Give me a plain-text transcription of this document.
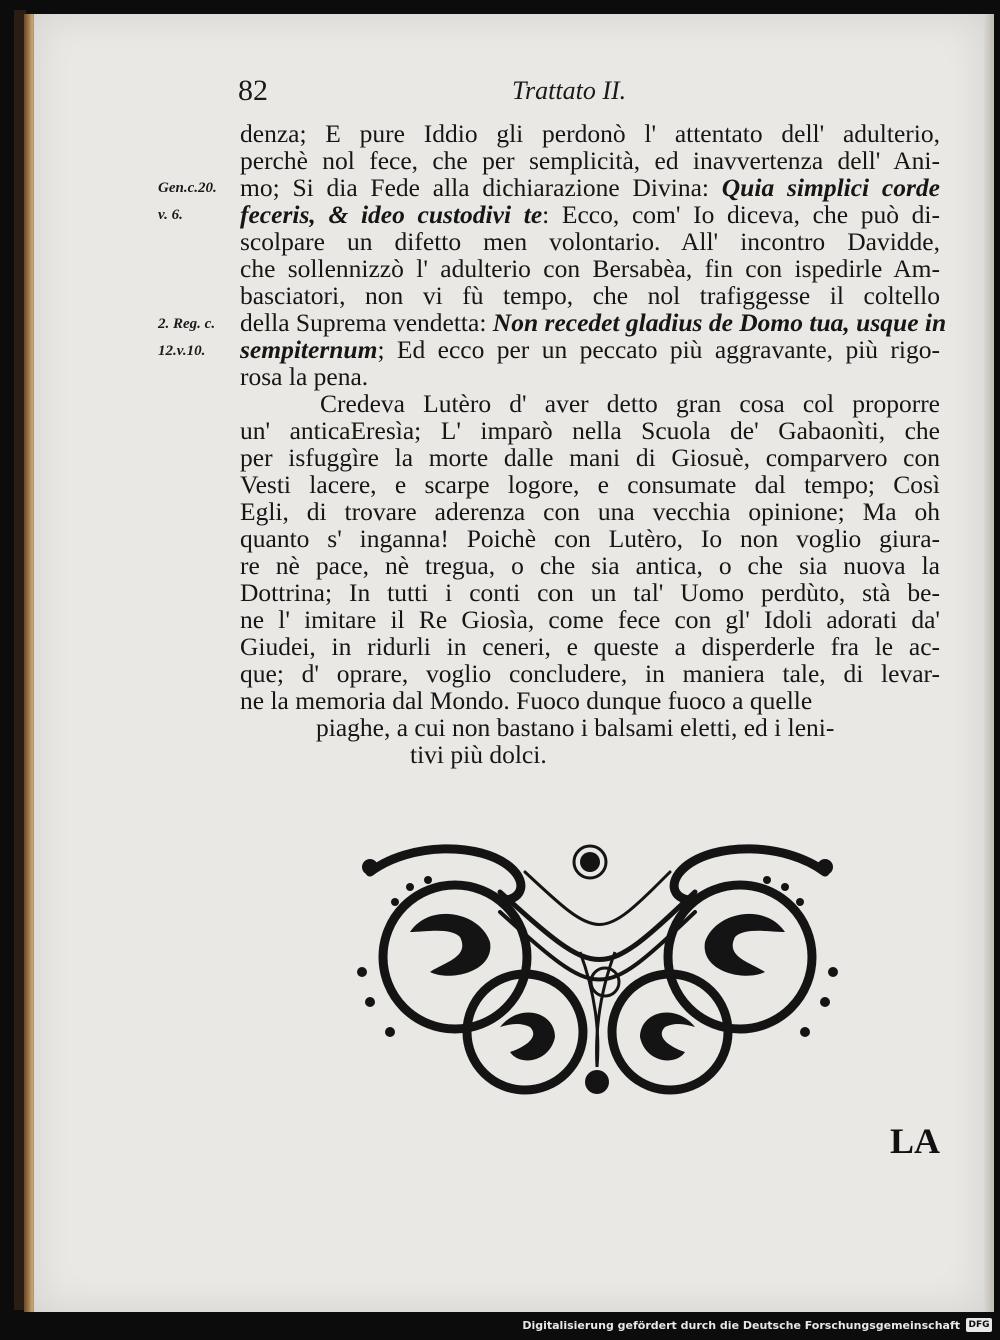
82	Trattato II.
Gen.c.20.
v. 6.
2. Reg. c.
12.v.10.
denza; E pure Iddio gli perdonò l' attentato dell' adulterio,
perchè nol fece, che per semplicità, ed inavvertenza dell' Ani-
mo; Si dia Fede alla dichiarazione Divina: Quia simplici corde
feceris, & ideo custodivi te: Ecco, com' Io diceva, che può di-
scolpare un difetto men volontario. All' incontro Davidde,
che sollennizzò l' adulterio con Bersabèa, fin con ispedirle Am-
basciatori, non vi fù tempo, che nol trafiggesse il coltello
della Suprema vendetta: Non recedet gladius de Domo tua, usque in
sempiternum; Ed ecco per un peccato più aggravante, più rigo-
rosa la pena.
Credeva Lutèro d' aver detto gran cosa col proporre
un' anticaEresìa; L' imparò nella Scuola de' Gabaonìti, che
per isfuggìre la morte dalle mani di Giosuè, comparvero con
Vesti lacere, e scarpe logore, e consumate dal tempo; Così
Egli, di trovare aderenza con una vecchia opinione; Ma oh
quanto s' inganna! Poichè con Lutèro, Io non voglio giura-
re nè pace, nè tregua, o che sia antica, o che sia nuova la
Dottrina; In tutti i conti con un tal' Uomo perdùto, stà be-
ne l' imitare il Re Giosìa, come fece con gl' Idoli adorati da'
Giudei, in ridurli in ceneri, e queste a disperderle fra le ac-
que; d' oprare, voglio concludere, in maniera tale, di levar-
ne la memoria dal Mondo. Fuoco dunque fuoco a quelle
piaghe, a cui non bastano i balsami eletti, ed i leni-
tivi più dolci.
LA
Digitalisierung gefördert durch die Deutsche Forschungsgemeinschaft DFG
